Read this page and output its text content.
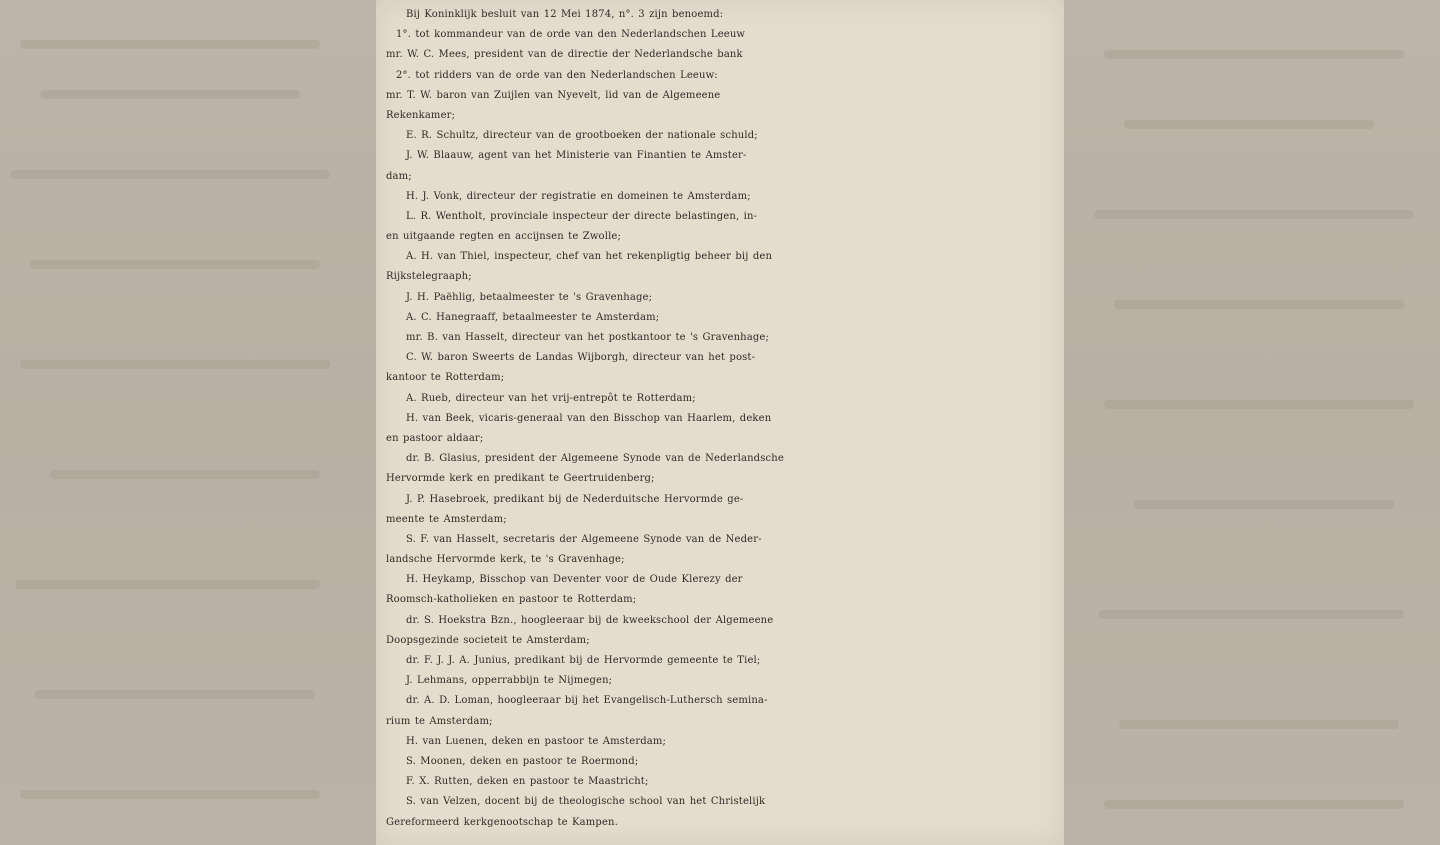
Bij Koninklijk besluit van 12 Mei 1874, n°. 3 zijn benoemd:
1°. tot kommandeur van de orde van den Nederlandschen Leeuw
mr. W. C. Mees, president van de directie der Nederlandsche bank
2°. tot ridders van de orde van den Nederlandschen Leeuw:
mr. T. W. baron van Zuijlen van Nyevelt, lid van de Algemeene
Rekenkamer;
E. R. Schultz, directeur van de grootboeken der nationale schuld;
J. W. Blaauw, agent van het Ministerie van Finantien te Amster-
dam;
H. J. Vonk, directeur der registratie en domeinen te Amsterdam;
L. R. Wentholt, provinciale inspecteur der directe belastingen, in-
en uitgaande regten en accijnsen te Zwolle;
A. H. van Thiel, inspecteur, chef van het rekenpligtig beheer bij den
Rijkstelegraaph;
J. H. Paëhlig, betaalmeester te 's Gravenhage;
A. C. Hanegraaff, betaalmeester te Amsterdam;
mr. B. van Hasselt, directeur van het postkantoor te 's Gravenhage;
C. W. baron Sweerts de Landas Wijborgh, directeur van het post-
kantoor te Rotterdam;
A. Rueb, directeur van het vrij-entrepôt te Rotterdam;
H. van Beek, vicaris-generaal van den Bisschop van Haarlem, deken
en pastoor aldaar;
dr. B. Glasius, president der Algemeene Synode van de Nederlandsche
Hervormde kerk en predikant te Geertruidenberg;
J. P. Hasebroek, predikant bij de Nederduitsche Hervormde ge-
meente te Amsterdam;
S. F. van Hasselt, secretaris der Algemeene Synode van de Neder-
landsche Hervormde kerk, te 's Gravenhage;
H. Heykamp, Bisschop van Deventer voor de Oude Klerezy der
Roomsch-katholieken en pastoor te Rotterdam;
dr. S. Hoekstra Bzn., hoogleeraar bij de kweekschool der Algemeene
Doopsgezinde societeit te Amsterdam;
dr. F. J. J. A. Junius, predikant bij de Hervormde gemeente te Tiel;
J. Lehmans, opperrabbijn te Nijmegen;
dr. A. D. Loman, hoogleeraar bij het Evangelisch-Luthersch semina-
rium te Amsterdam;
H. van Luenen, deken en pastoor te Amsterdam;
S. Moonen, deken en pastoor te Roermond;
F. X. Rutten, deken en pastoor te Maastricht;
S. van Velzen, docent bij de theologische school van het Christelijk
Gereformeerd kerkgenootschap te Kampen.
